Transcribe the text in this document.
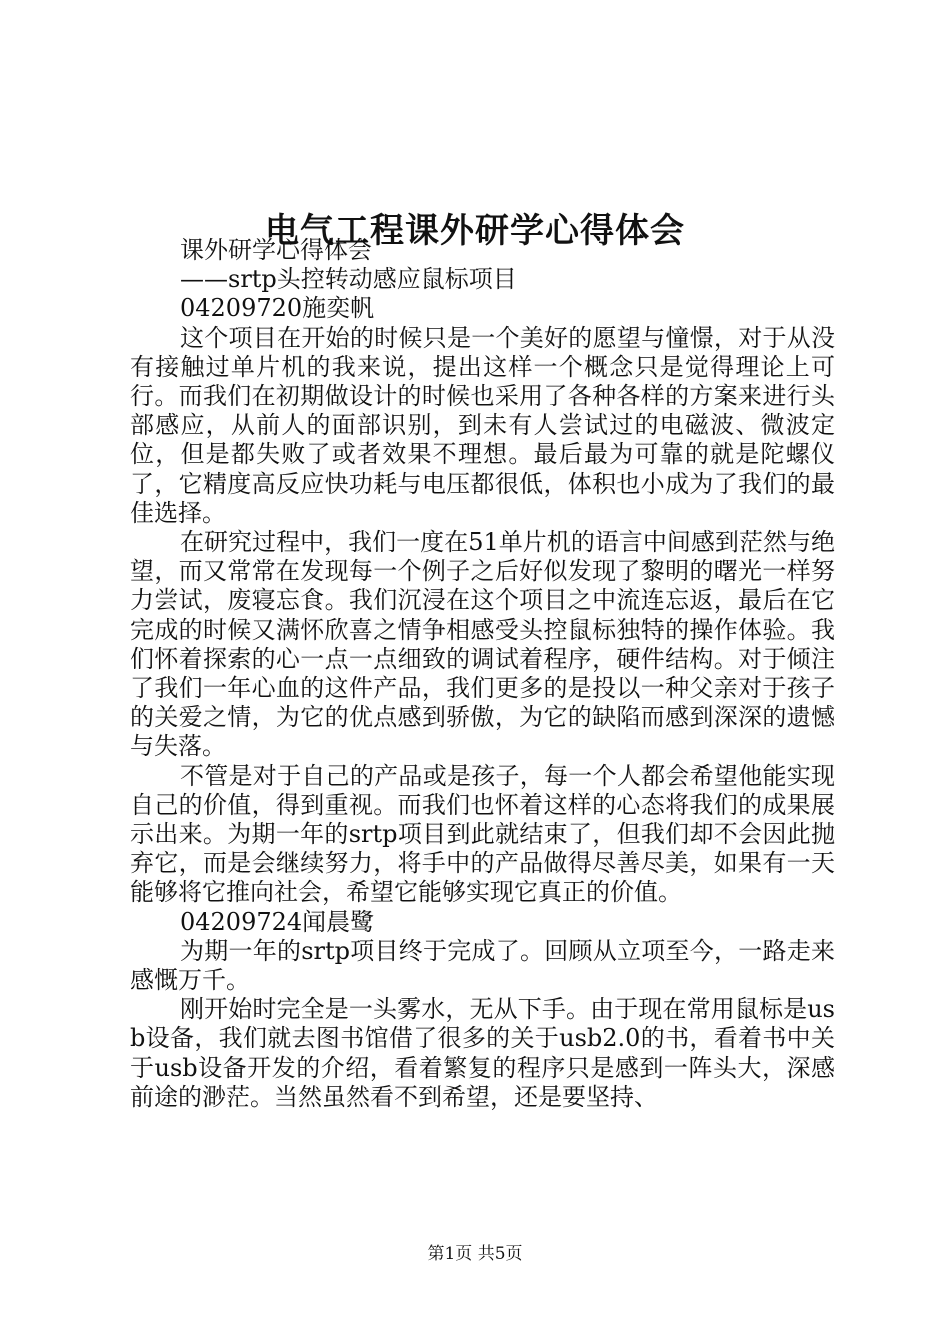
电气工程课外研学心得体会

课外研学心得体会

——srtp头控转动感应鼠标项目

04209720施奕帆

这个项目在开始的时候只是一个美好的愿望与憧憬，对于从没有接触过单片机的我来说，提出这样一个概念只是觉得理论上可行。而我们在初期做设计的时候也采用了各种各样的方案来进行头部感应，从前人的面部识别，到未有人尝试过的电磁波、微波定位，但是都失败了或者效果不理想。最后最为可靠的就是陀螺仪了，它精度高反应快功耗与电压都很低，体积也小成为了我们的最佳选择。

在研究过程中，我们一度在51单片机的语言中间感到茫然与绝望，而又常常在发现每一个例子之后好似发现了黎明的曙光一样努力尝试，废寝忘食。我们沉浸在这个项目之中流连忘返，最后在它完成的时候又满怀欣喜之情争相感受头控鼠标独特的操作体验。我们怀着探索的心一点一点细致的调试着程序，硬件结构。对于倾注了我们一年心血的这件产品，我们更多的是投以一种父亲对于孩子的关爱之情，为它的优点感到骄傲，为它的缺陷而感到深深的遗憾与失落。

不管是对于自己的产品或是孩子，每一个人都会希望他能实现自己的价值，得到重视。而我们也怀着这样的心态将我们的成果展示出来。为期一年的srtp项目到此就结束了，但我们却不会因此抛弃它，而是会继续努力，将手中的产品做得尽善尽美，如果有一天能够将它推向社会，希望它能够实现它真正的价值。

04209724闻晨鹭

为期一年的srtp项目终于完成了。回顾从立项至今，一路走来感慨万千。

刚开始时完全是一头雾水，无从下手。由于现在常用鼠标是usb设备，我们就去图书馆借了很多的关于usb2.0的书，看着书中关于usb设备开发的介绍，看着繁复的程序只是感到一阵头大，深感前途的渺茫。当然虽然看不到希望，还是要坚持、

第1页 共5页
